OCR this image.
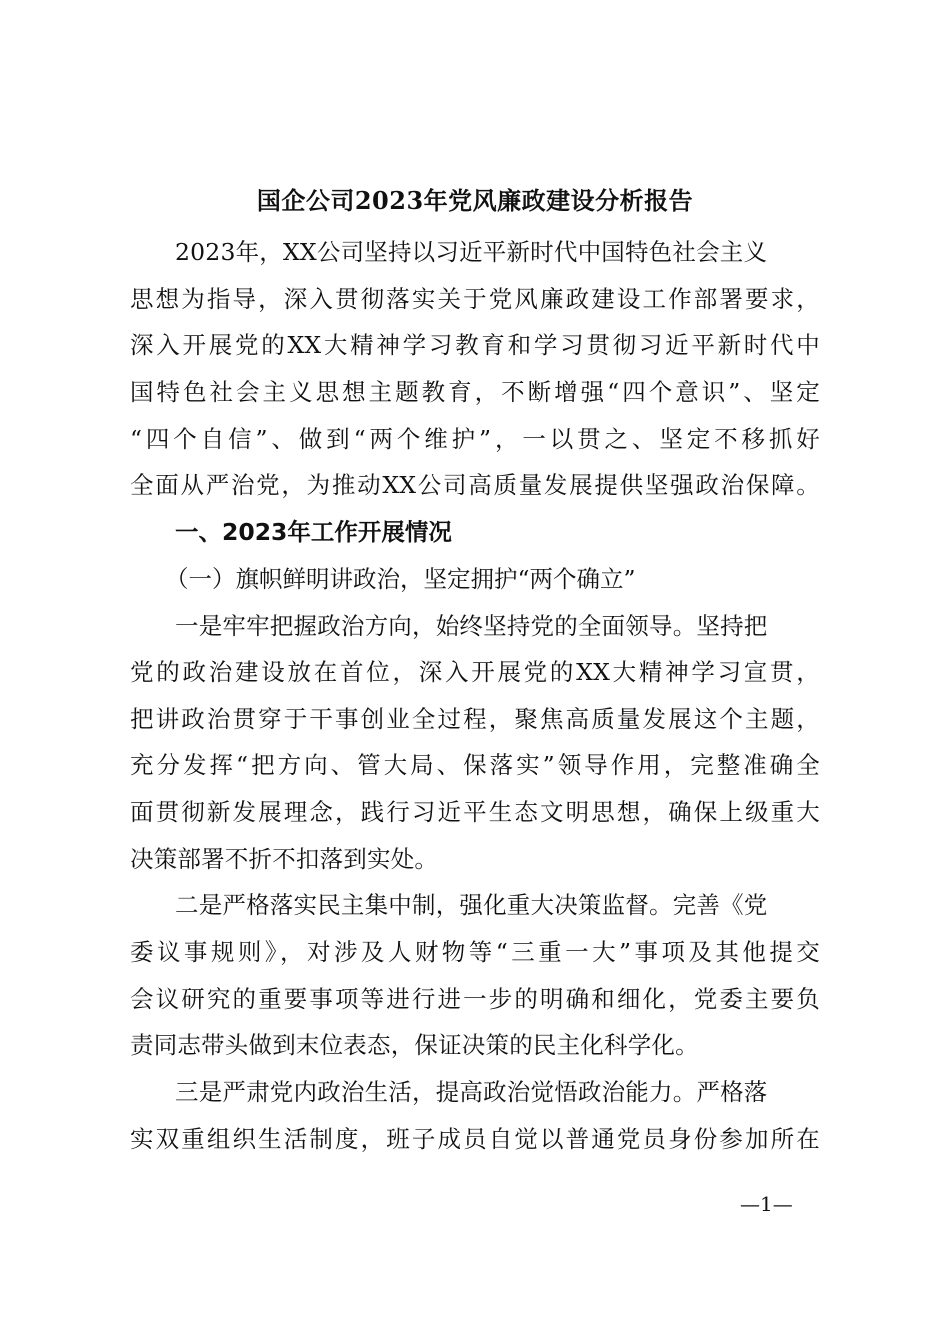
国企公司2023年党风廉政建设分析报告
2023年，XX公司坚持以习近平新时代中国特色社会主义
思想为指导，深入贯彻落实关于党风廉政建设工作部署要求，
深入开展党的XX大精神学习教育和学习贯彻习近平新时代中
国特色社会主义思想主题教育，不断增强“四个意识”、坚定
“四个自信”、做到“两个维护”，一以贯之、坚定不移抓好
全面从严治党，为推动XX公司高质量发展提供坚强政治保障。
一、2023年工作开展情况
（一）旗帜鲜明讲政治，坚定拥护“两个确立”
一是牢牢把握政治方向，始终坚持党的全面领导。坚持把
党的政治建设放在首位，深入开展党的XX大精神学习宣贯，
把讲政治贯穿于干事创业全过程，聚焦高质量发展这个主题，
充分发挥“把方向、管大局、保落实”领导作用，完整准确全
面贯彻新发展理念，践行习近平生态文明思想，确保上级重大
决策部署不折不扣落到实处。
二是严格落实民主集中制，强化重大决策监督。完善《党
委议事规则》，对涉及人财物等“三重一大”事项及其他提交
会议研究的重要事项等进行进一步的明确和细化，党委主要负
责同志带头做到末位表态，保证决策的民主化科学化。
三是严肃党内政治生活，提高政治觉悟政治能力。严格落
实双重组织生活制度，班子成员自觉以普通党员身份参加所在
—1—
